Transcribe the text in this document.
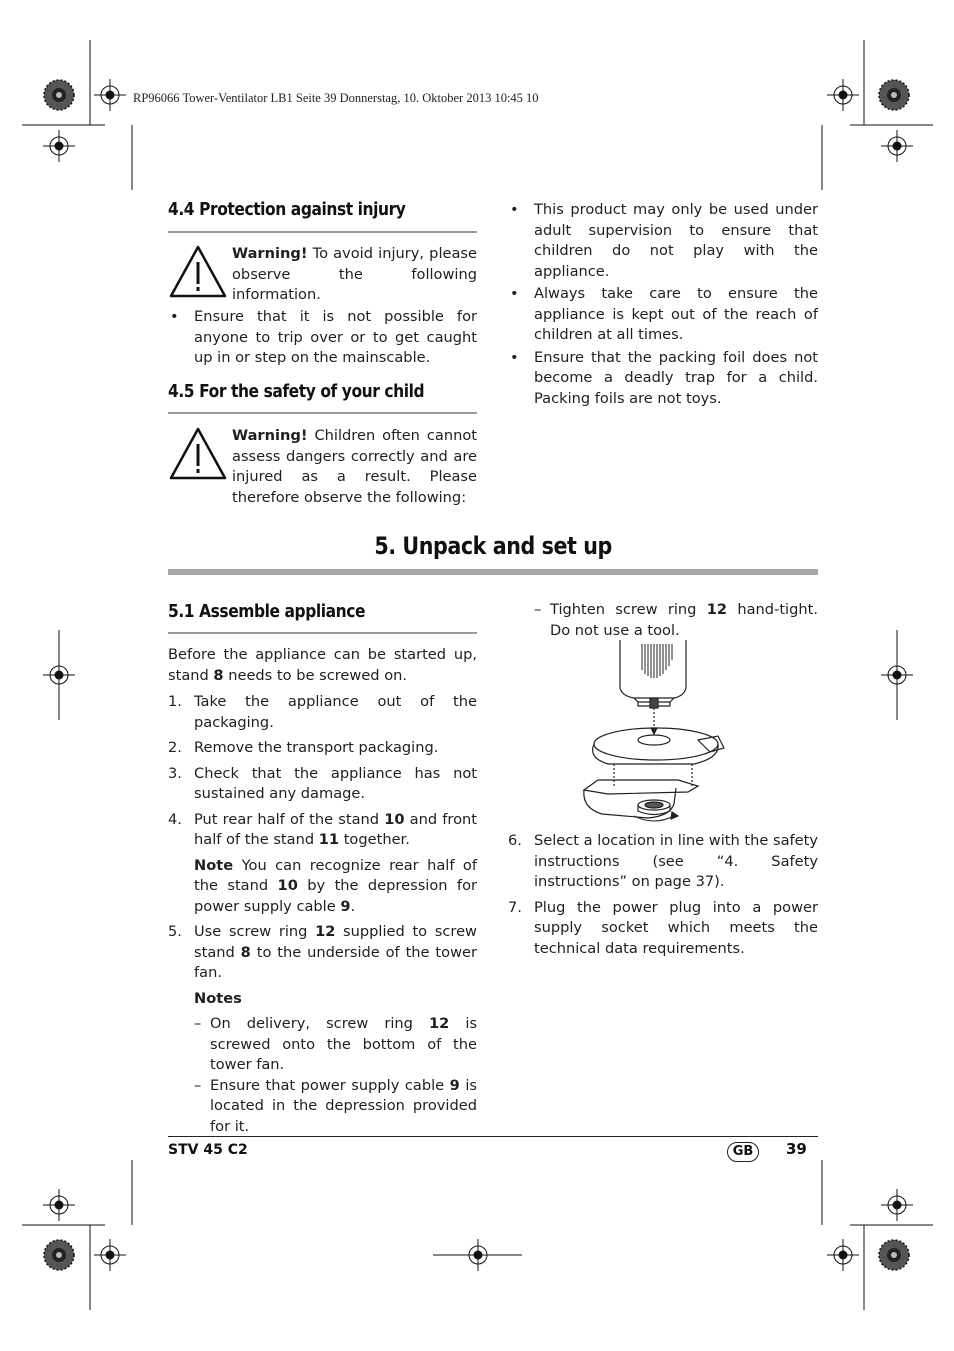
RP96066 Tower-Ventilator LB1 Seite 39 Donnerstag, 10. Oktober 2013 10:45 10
4.4 Protection against injury
Warning! To avoid injury, please observe the following information.
• Ensure that it is not possible for anyone to trip over or to get caught up in or step on the mainscable.
4.5 For the safety of your child
Warning! Children often cannot assess dangers correctly and are injured as a result. Please therefore observe the following:
• This product may only be used under adult supervision to ensure that children do not play with the appliance.
• Always take care to ensure the appliance is kept out of the reach of children at all times.
• Ensure that the packing foil does not become a deadly trap for a child. Packing foils are not toys.
5. Unpack and set up
5.1 Assemble appliance
Before the appliance can be started up, stand 8 needs to be screwed on.
1. Take the appliance out of the packaging.
2. Remove the transport packaging.
3. Check that the appliance has not sustained any damage.
4. Put rear half of the stand 10 and front half of the stand 11 together.
Note You can recognize rear half of the stand 10 by the depression for power supply cable 9.
5. Use screw ring 12 supplied to screw stand 8 to the underside of the tower fan.
Notes
– On delivery, screw ring 12 is screwed onto the bottom of the tower fan.
– Ensure that power supply cable 9 is located in the depression provided for it.
– Tighten screw ring 12 hand-tight. Do not use a tool.
6. Select a location in line with the safety instructions (see “4. Safety instructions” on page 37).
7. Plug the power plug into a power supply socket which meets the technical data requirements.
STV 45 C2	GB	39
